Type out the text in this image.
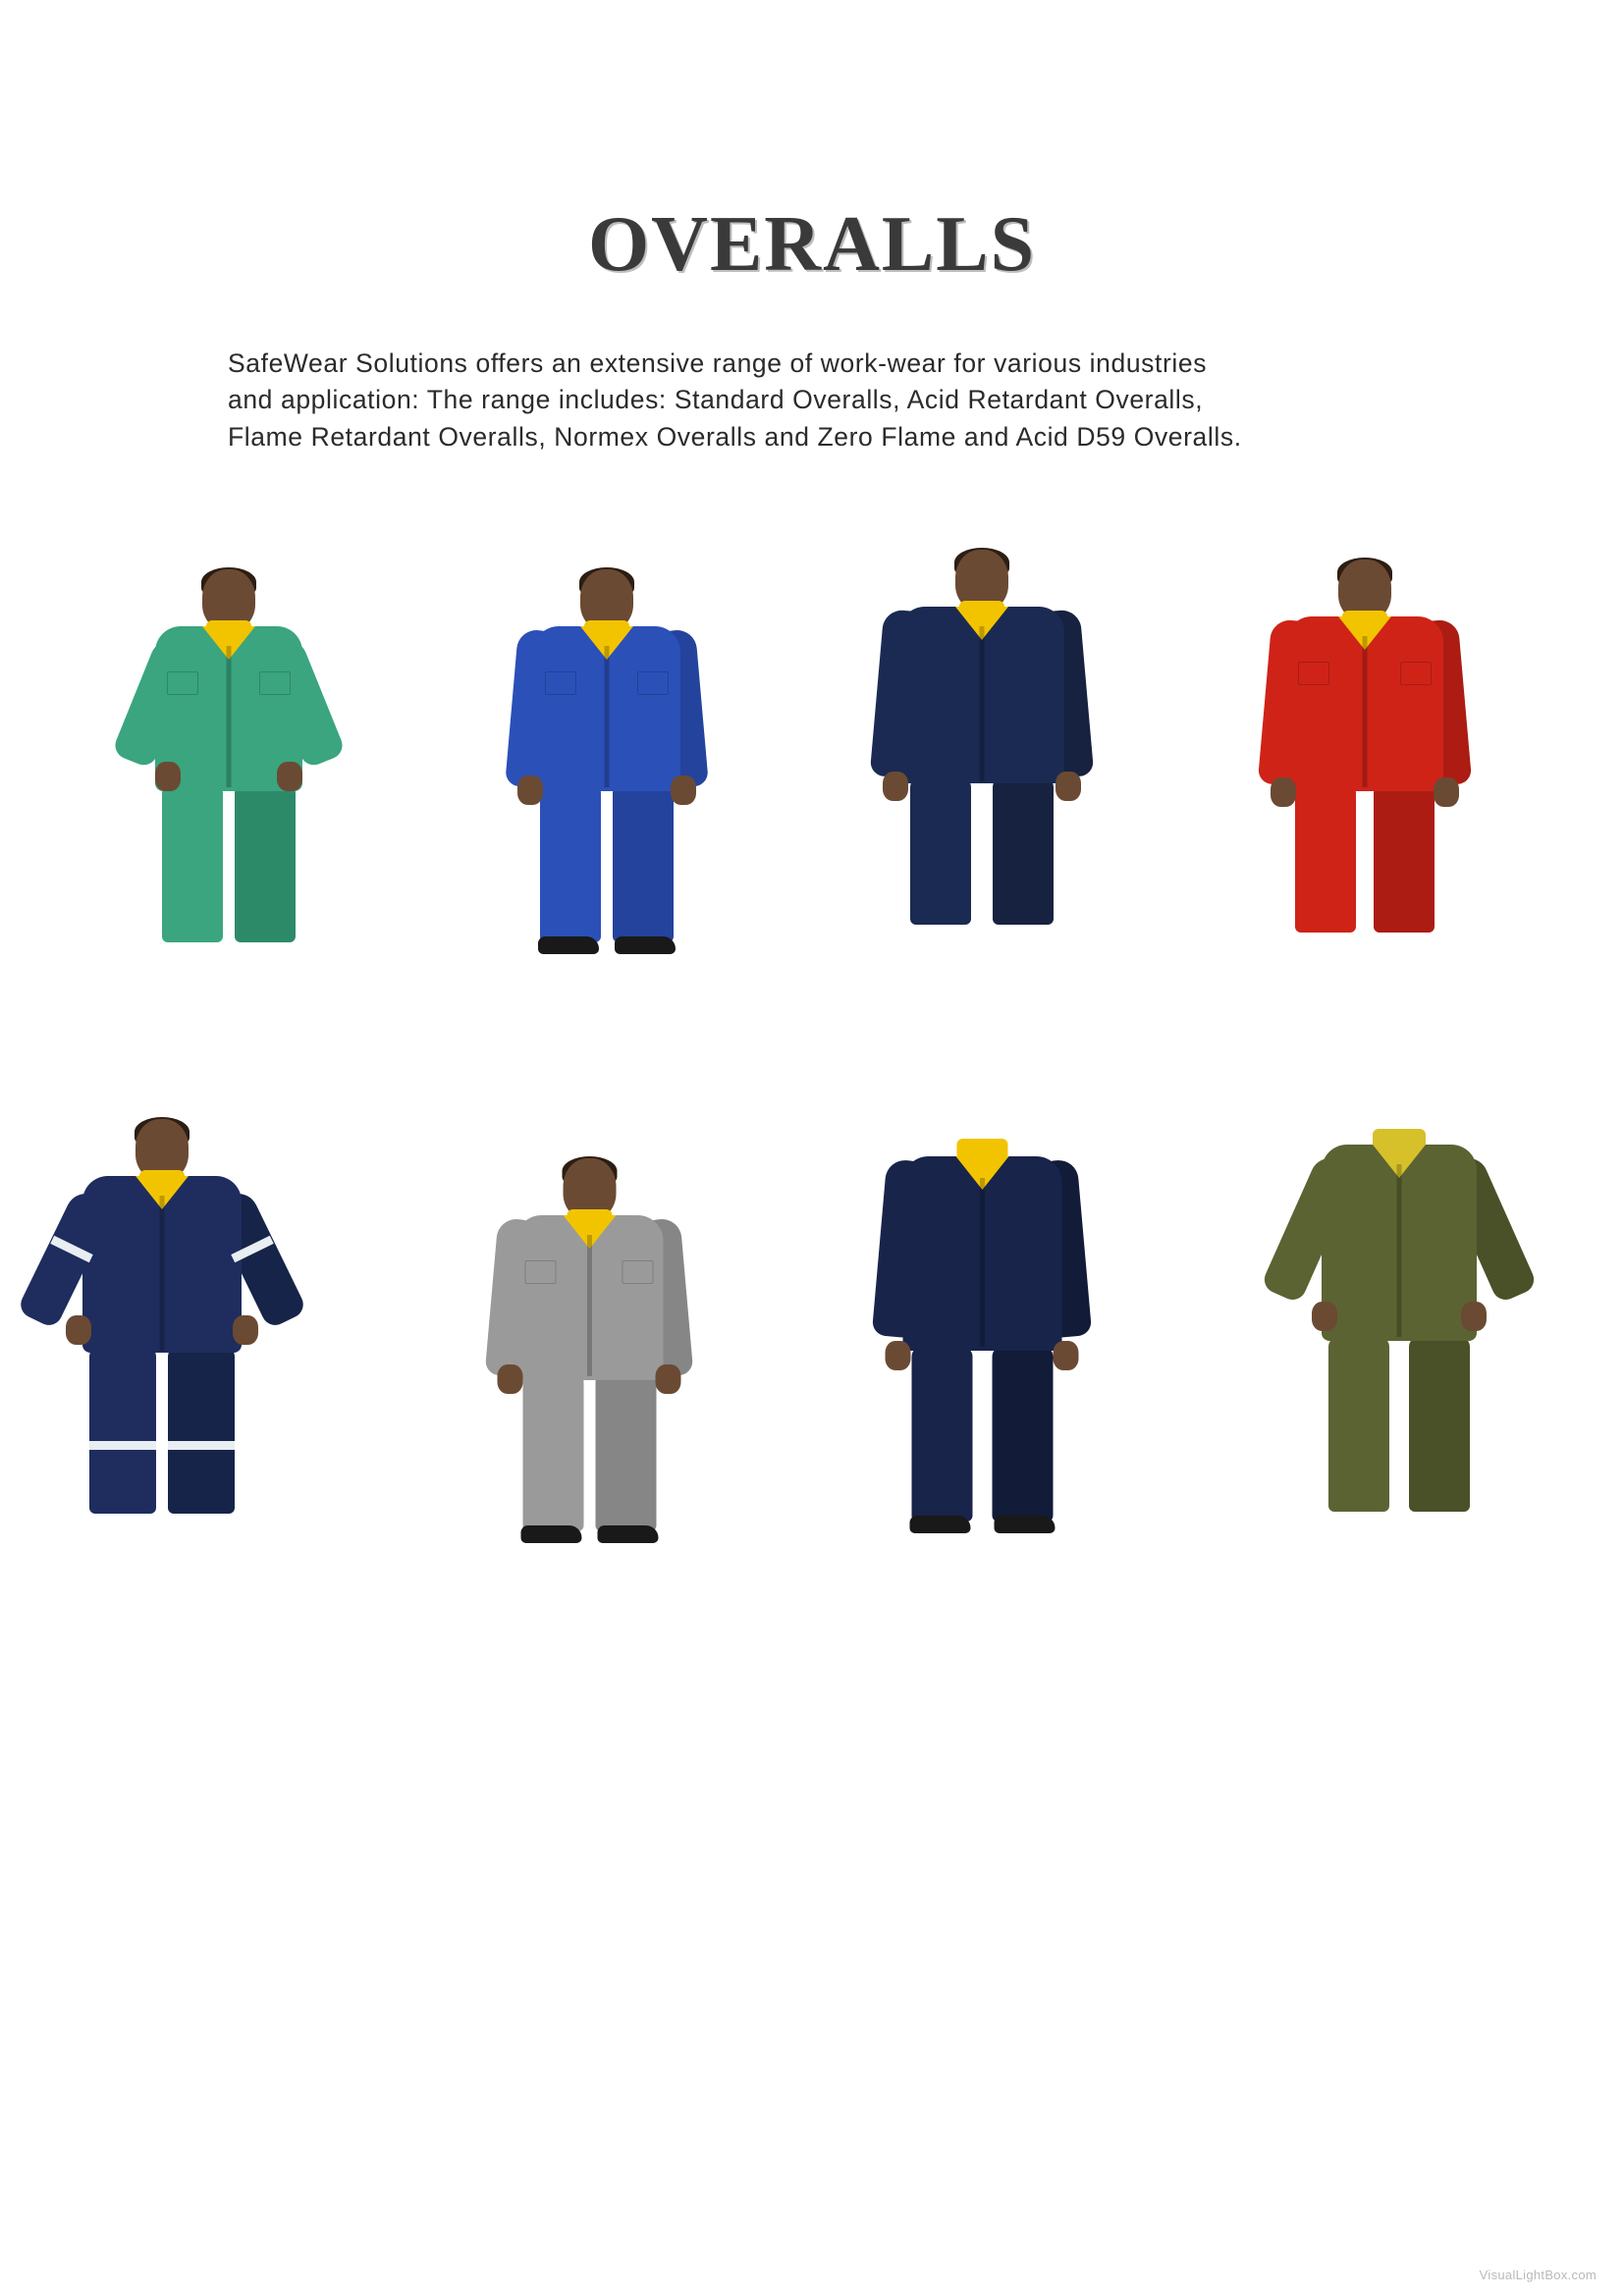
OVERALLS

SafeWear Solutions offers an extensive range of work-wear for various industries and application: The range includes: Standard Overalls, Acid Retardant Overalls, Flame Retardant Overalls, Normex Overalls and Zero Flame and Acid D59 Overalls.

VisualLightBox.com
